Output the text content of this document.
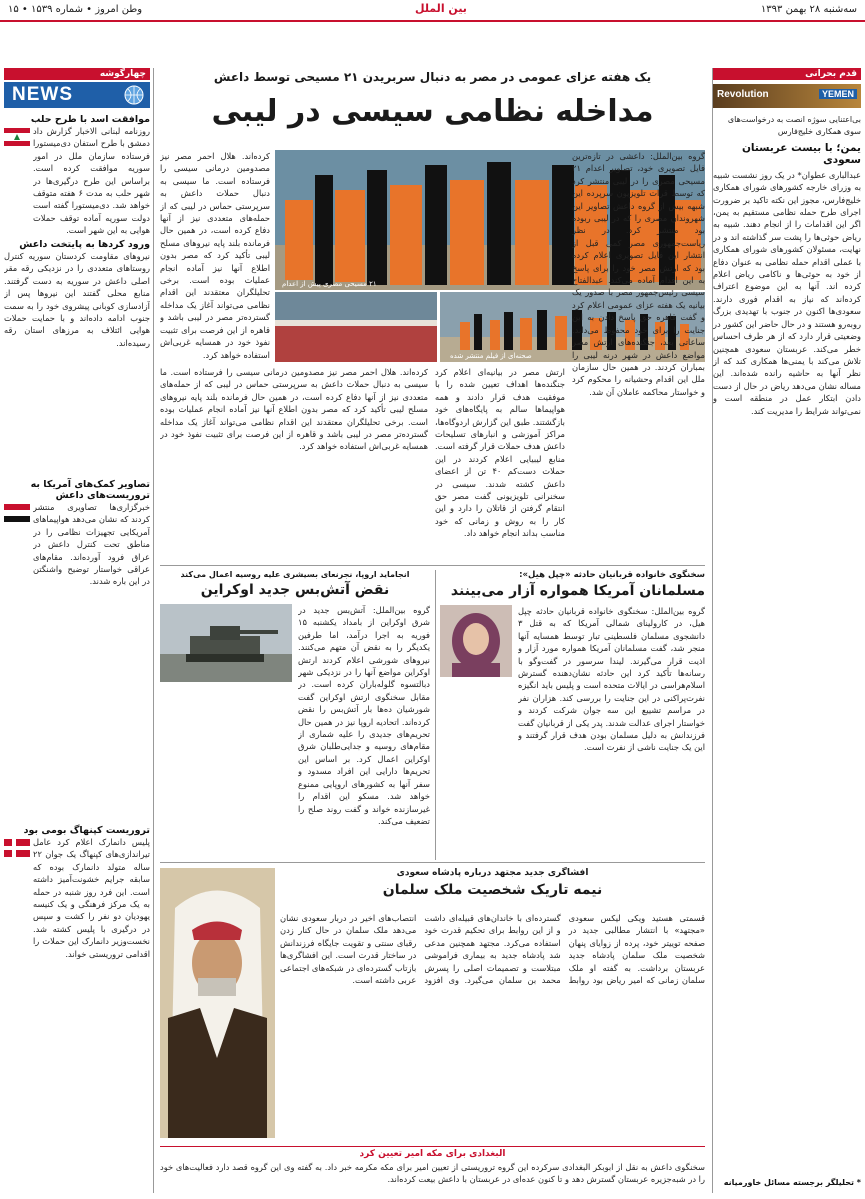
سه‌شنبه ۲۸ بهمن ۱۳۹۳
بین الملل
وطن امروز • شماره ۱۵۳۹ • ۱۵
قدم بحرانی
Revolution	YEMEN
بی‌اعتنایی سوژه انصت به درخواست‌های سوی همکاری خلیج‌فارس
یمن؛ با بیست عربستان سعودی
عبدالباری عطوان* در یک روز نشست شبیه‌ به وزرای خارجه کشورهای شورای همکاری خلیج‌فارس، مجوز این نکته تاکید بر ضرورت اجرای طرح‌ حمله نظامی مستقیم به یمن، اگر این اقدامات را از انجام دهند. شبیه به ریاض حوثی‌ها را پشت سر گذاشته‌ اند و در نهایت، مسئولان کشورهای شورای همکاری با عملی اقدام حمله نظامی به عنوان دفاع از خود به حوثی‌ها و ناکامی ریاض اعلام کرده اند. آنها به این موضوع اعتراف کرده‌اند که نیاز به اقدام فوری دارند. سعودی‌ها اکنون در جنوب با تهدیدی بزرگ روبه‌رو هستند و در حال حاضر این کشور در وضعیتی قرار دارد که از هر طرف احساس خطر می‌کند. عربستان سعودی همچنین تلاش می‌کند با یمنی‌ها همکاری کند که از نظر آنها به حاشیه رانده شده‌اند. این مساله نشان می‌دهد ریاض در حال از دست دادن ابتکار عمل در منطقه است و نمی‌تواند شرایط را مدیریت کند.
* تحلیلگر برجسته مسائل خاورمیانه
یک هفته عزای عمومی در مصر به دنبال سربریدن ۲۱ مسیحی توسط داعش
مداخله نظامی سیسی در لیبی
۲۱ مسیحی مصری پیش از اعدام
صحنه‌ای از فیلم منتشر شده
گروه بین‌الملل: داعشی در تازه‌ترین فایل تصویری خود، تصاویر اعدام ۲۱ مسیحی مصری را در لیبی منتشر کرد که توسط قرات تلویزیون سرپرده این شبهه بیش از گروه داعش تصاویر این شهروندان مصری را که در لیبی ربوده بود منتشر کرد. در نظر ریاست‌جمهوری مصر کمی قبل از انتشار این فایل تصویری اعلام کرده بود که ارتش مصر خود را برای پاسخ به این اقدام آماده می‌کند. عبدالفتاح سیسی رئیس‌جمهور مصر با صدور یک بیانیه یک هفته عزای عمومی اعلام کرد و گفت قاهره حق پاسخ دادن به این جنایت را برای خود محفوظ می‌داند. ساعاتی بعد، جنگنده‌های ارتش مصر مواضع داعش در شهر درنه لیبی را بمباران کردند. در همین حال سازمان ملل این اقدام وحشیانه را محکوم کرد و خواستار محاکمه عاملان آن شد.
ارتش مصر در بیانیه‌ای اعلام کرد جنگنده‌ها اهداف تعیین شده را با موفقیت هدف قرار دادند و همه هواپیماها سالم به پایگاه‌های خود بازگشتند. طبق این گزارش اردوگاه‌ها، مراکز آموزشی و انبارهای تسلیحات داعش هدف حملات قرار گرفته است. منابع لیبیایی اعلام کردند در این حملات دست‌کم ۴۰ تن از اعضای داعش کشته شدند. سیسی در سخنرانی تلویزیونی گفت مصر حق انتقام گرفتن از قاتلان را دارد و این کار را به روش و زمانی که خود مناسب بداند انجام خواهد داد.
کرده‌اند. هلال احمر مصر نیز مصدومین درمانی سیسی را فرستاده است. ما سیسی به دنبال حملات داعش به سرپرستی حماس در لیبی که از حمله‌های متعددی نیز از آنها دفاع کرده است، در همین حال فرمانده بلند پایه نیروهای مسلح لیبی تأکید کرد که مصر بدون اطلاع آنها نیز آماده انجام عملیات بوده است. برخی تحلیلگران معتقدند این اقدام نظامی می‌تواند آغاز یک مداخله گسترده‌تر مصر در لیبی باشد و قاهره از این فرصت برای تثبیت نفوذ خود در همسایه غربی‌اش استفاده خواهد کرد.
کرده‌اند. هلال احمر مصر نیز مصدومین درمانی سیسی را فرستاده است. ما سیسی به دنبال حملات داعش به سرپرستی حماس در لیبی که از حمله‌های متعددی نیز از آنها دفاع کرده است، در همین حال فرمانده بلند پایه نیروهای مسلح لیبی تأکید کرد که مصر بدون اطلاع آنها نیز آماده انجام عملیات بوده است. برخی تحلیلگران معتقدند این اقدام نظامی می‌تواند آغاز یک مداخله گسترده‌تر مصر در لیبی باشد و قاهره از این فرصت برای تثبیت نفوذ خود در همسایه غربی‌اش استفاده خواهد کرد.
سخنگوی خانواده قربانیان حادثه «چپل هیل»:
مسلمانان آمریکا همواره آزار می‌بینند
گروه بین‌الملل: سخنگوی خانواده قربانیان حادثه چپل هیل، در کارولینای شمالی آمریکا که به قتل ۳ دانشجوی مسلمان فلسطینی تبار توسط همسایه آنها منجر شد، گفت مسلمانان آمریکا همواره مورد آزار و اذیت قرار می‌گیرند. لیندا سرسور در گفت‌وگو با رسانه‌ها تأکید کرد این حادثه نشان‌دهنده گسترش اسلام‌هراسی در ایالات متحده است و پلیس باید انگیزه نفرت‌پراکنی در این جنایت را بررسی کند. هزاران نفر در مراسم تشییع این سه جوان شرکت کردند و خواستار اجرای عدالت شدند. پدر یکی از قربانیان گفت فرزندانش به دلیل مسلمان بودن هدف قرار گرفتند و این یک جنایت ناشی از نفرت است.
انجاماید اروپا، نجرنعای بسیشری علیه روسیه اعمال می‌کند
نقض آتش‌بس جدید اوکراین
گروه بین‌الملل: آتش‌بس جدید در شرق اوکراین از بامداد یکشنبه ۱۵ فوریه به اجرا درآمد، اما طرفین یکدیگر را به نقض آن متهم می‌کنند. نیروهای شورشی اعلام کردند ارتش اوکراین مواضع آنها را در نزدیکی شهر دبالتسوه گلوله‌باران کرده است. در مقابل سخنگوی ارتش اوکراین گفت شورشیان ده‌ها بار آتش‌بس را نقض کرده‌اند. اتحادیه اروپا نیز در همین حال تحریم‌های جدیدی را علیه شماری از مقام‌های روسیه و جدایی‌طلبان شرق اوکراین اعمال کرد. بر اساس این تحریم‌ها دارایی این افراد مسدود و سفر آنها به کشورهای اروپایی ممنوع خواهد شد. مسکو این اقدام را غیرسازنده خواند و گفت روند صلح را تضعیف می‌کند.
افشاگری جدید مجتهد درباره پادشاه سعودی
نیمه تاریک شخصیت ملک سلمان
قسمتی هستید ویکی لیکس سعودی «مجتهد» با انتشار مطالبی جدید در صفحه توییتر خود، پرده از زوایای پنهان شخصیت ملک سلمان پادشاه جدید عربستان برداشت. به گفته او ملک سلمان زمانی که امیر ریاض بود روابط گسترده‌ای با خاندان‌های قبیله‌ای داشت و از این روابط برای تحکیم قدرت خود استفاده می‌کرد. مجتهد همچنین مدعی شد پادشاه جدید به بیماری فراموشی مبتلاست و تصمیمات اصلی را پسرش محمد بن سلمان می‌گیرد. وی افزود انتصاب‌های اخیر در دربار سعودی نشان می‌دهد ملک سلمان در حال کنار زدن رقبای سنتی و تقویت جایگاه فرزندانش در ساختار قدرت است. این افشاگری‌ها بازتاب گسترده‌ای در شبکه‌های اجتماعی عربی داشته است.
البغدادی برای مکه امیر تعیین کرد
سخنگوی داعش به نقل از ابوبکر البغدادی سرکرده این گروه تروریستی از تعیین امیر برای مکه مکرمه خبر داد. به گفته وی این گروه قصد دارد فعالیت‌های خود را در شبه‌جزیره عربستان گسترش دهد و تا کنون عده‌ای در عربستان با داعش بیعت کرده‌اند.
چهارگوشه
NEWS
موافقت اسد با طرح حلب
روزنامه لبنانی الاخبار گزارش داد دمشق با طرح استفان دی‌میستورا فرستاده سازمان ملل در امور سوریه موافقت کرده است. براساس این طرح درگیری‌ها در شهر حلب به مدت ۶ هفته متوقف خواهد شد. دی‌میستورا گفته است دولت سوریه آماده توقف حملات هوایی به این شهر است.
ورود کردها به پایتخت داعش
نیروهای مقاومت کردستان سوریه کنترل روستاهای متعددی را در نزدیکی رقه مقر اصلی داعش در سوریه به دست گرفتند. منابع محلی گفتند این نیروها پس از آزادسازی کوبانی پیشروی خود را به سمت جنوب ادامه داده‌اند و با حمایت حملات هوایی ائتلاف به مرزهای استان رقه رسیده‌اند.
تصاویر کمک‌های آمریکا به تروریست‌های داعش
خبرگزاری‌ها تصاویری منتشر کردند که نشان می‌دهد هواپیماهای آمریکایی تجهیزات نظامی را در مناطق تحت کنترل داعش در عراق فرود آورده‌اند. مقام‌های عراقی خواستار توضیح واشنگتن در این باره شدند.
تروریست کپنهاگ بومی بود
پلیس دانمارک اعلام کرد عامل تیراندازی‌های کپنهاگ یک جوان ۲۲ ساله متولد دانمارک بوده که سابقه جرایم خشونت‌آمیز داشته است. این فرد روز شنبه در حمله به یک مرکز فرهنگی و یک کنیسه یهودیان دو نفر را کشت و سپس در درگیری با پلیس کشته شد. نخست‌وزیر دانمارک این حملات را اقدامی تروریستی خواند.
